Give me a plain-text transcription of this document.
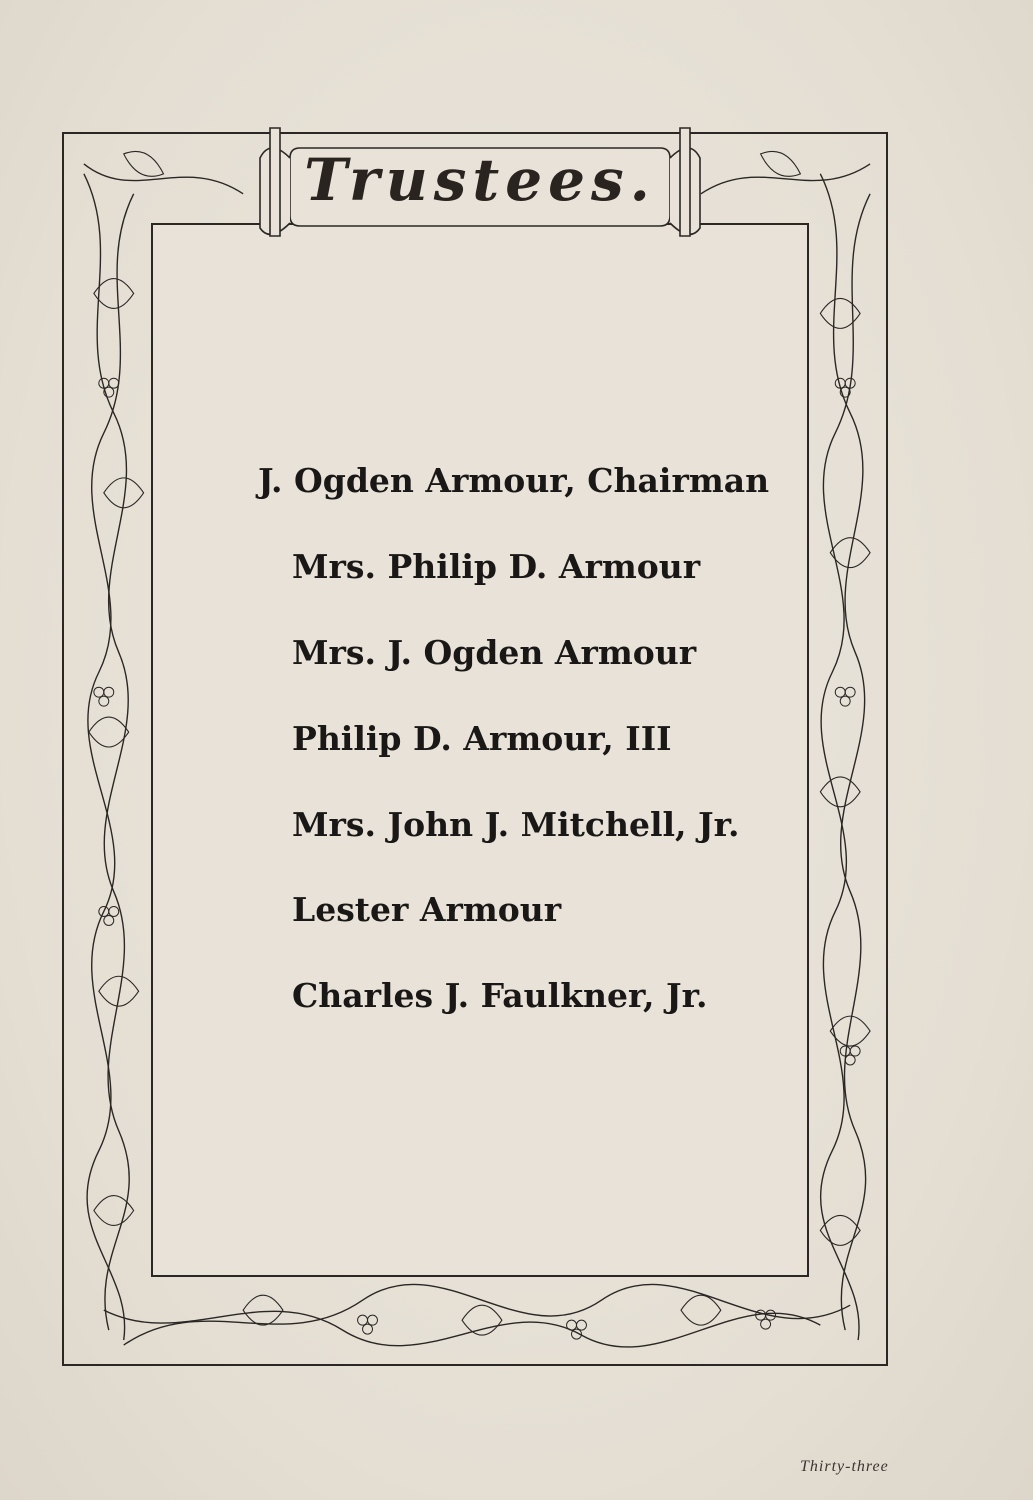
Trustees.
J. Ogden Armour, Chairman
Mrs. Philip D. Armour
Mrs. J. Ogden Armour
Philip D. Armour, III
Mrs. John J. Mitchell, Jr.
Lester Armour
Charles J. Faulkner, Jr.
Thirty-three
